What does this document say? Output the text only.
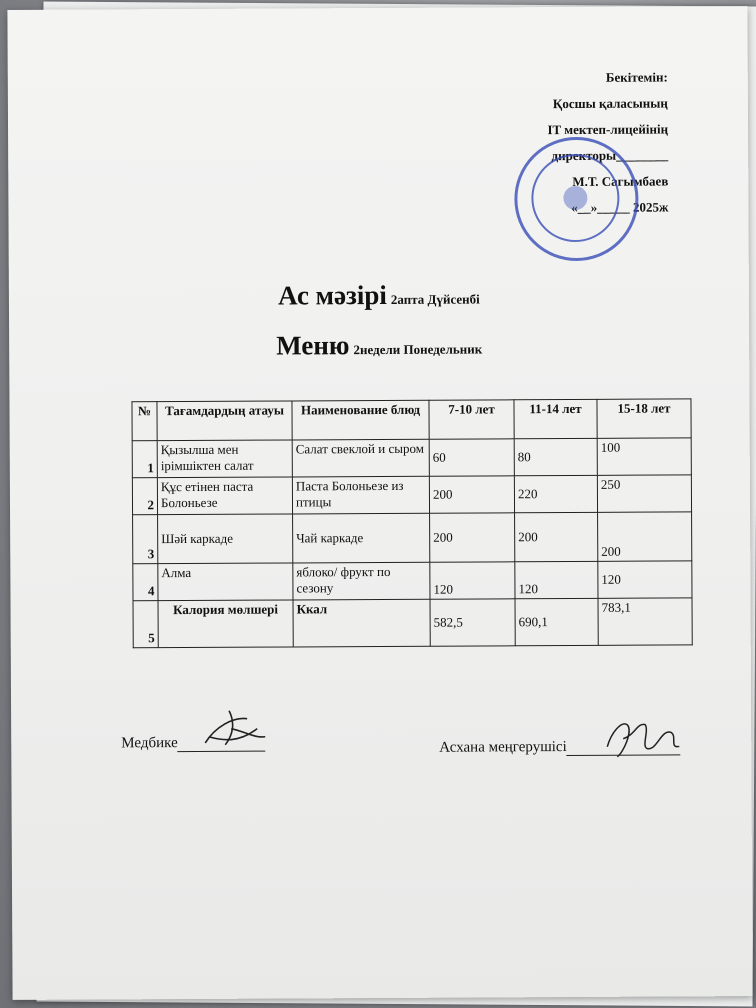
Бекітемін:
Қосшы қаласының
IT мектеп-лицейінің
директоры________
М.Т. Сагымбаев
«__»_____ 2025ж
Ас мәзірі 2апта Дүйсенбі
Меню 2недели Понедельник
№	Тағамдардың атауы	Наименование блюд	7-10 лет	11-14 лет	15-18 лет
1	Қызылша мен ірімшіктен салат	Салат свеклой и сыром	60	80	100
2	Құс етінен паста Болоньезе	Паста Болоньезе из птицы	200	220	250
3	Шәй каркаде	Чай каркаде	200	200	200
4	Алма	яблоко/ фрукт по сезону	120	120	120
5	Калория мөлшері	Ккал	582,5	690,1	783,1
Медбике	Асхана меңгерушісі
